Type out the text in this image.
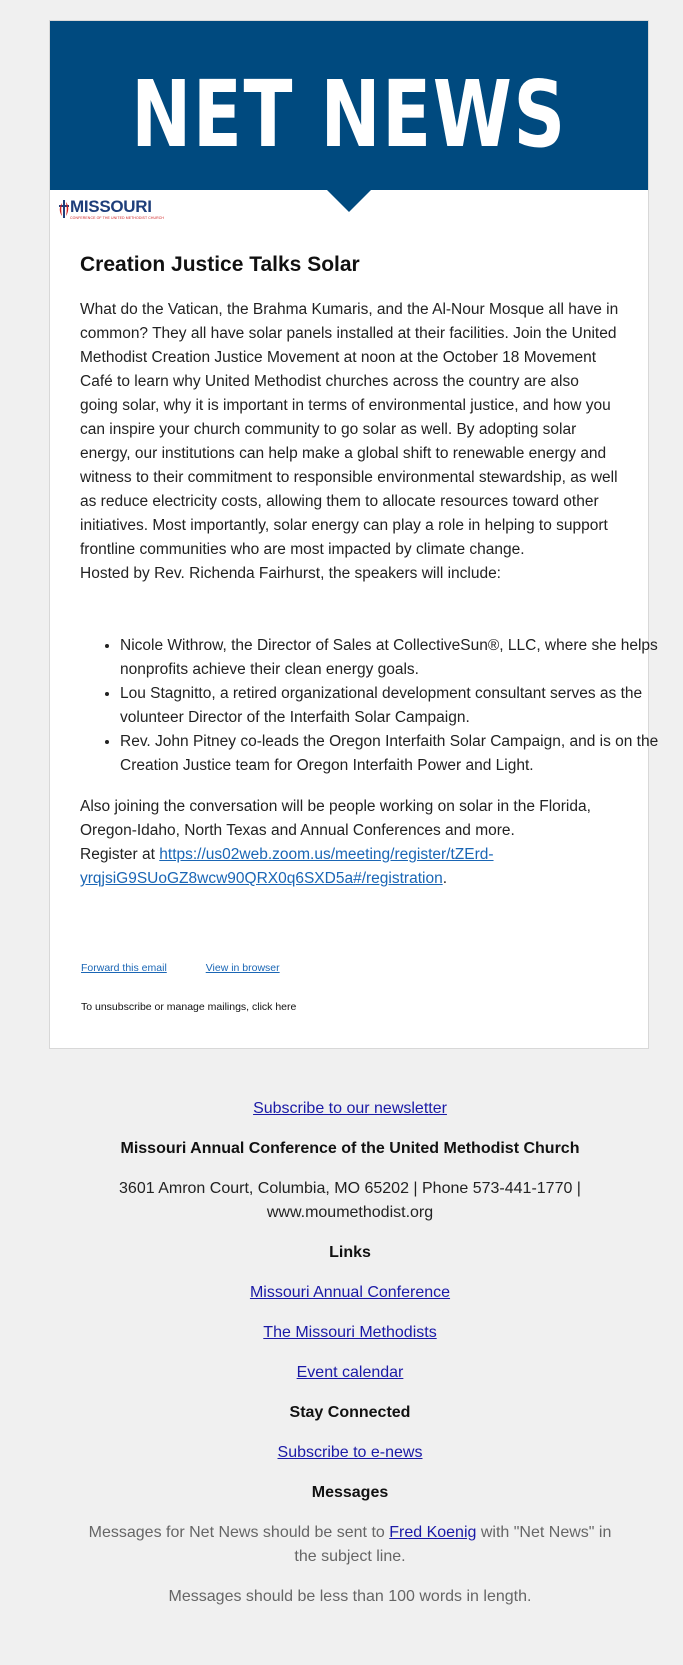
NET NEWS
MISSOURI
CONFERENCE OF THE UNITED METHODIST CHURCH
Creation Justice Talks Solar

What do the Vatican, the Brahma Kumaris, and the Al-Nour Mosque all have in common? They all have solar panels installed at their facilities. Join the United Methodist Creation Justice Movement at noon at the October 18 Movement Café to learn why United Methodist churches across the country are also going solar, why it is important in terms of environmental justice, and how you can inspire your church community to go solar as well. By adopting solar energy, our institutions can help make a global shift to renewable energy and witness to their commitment to responsible environmental stewardship, as well as reduce electricity costs, allowing them to allocate resources toward other initiatives. Most importantly, solar energy can play a role in helping to support frontline communities who are most impacted by climate change.

Hosted by Rev. Richenda Fairhurst, the speakers will include:

• Nicole Withrow, the Director of Sales at CollectiveSun®, LLC, where she helps nonprofits achieve their clean energy goals.
• Lou Stagnitto, a retired organizational development consultant serves as the volunteer Director of the Interfaith Solar Campaign.
• Rev. John Pitney co-leads the Oregon Interfaith Solar Campaign, and is on the Creation Justice team for Oregon Interfaith Power and Light.

Also joining the conversation will be people working on solar in the Florida, Oregon-Idaho, North Texas and Annual Conferences and more.

Register at https://us02web.zoom.us/meeting/register/tZErd-yrqjsiG9SUoGZ8wcw90QRX0q6SXD5a#/registration.

Forward this email	View in browser
To unsubscribe or manage mailings, click here
Subscribe to our newsletter
Missouri Annual Conference of the United Methodist Church
3601 Amron Court, Columbia, MO 65202 | Phone 573-441-1770 |
www.moumethodist.org
Links
Missouri Annual Conference
The Missouri Methodists
Event calendar
Stay Connected
Subscribe to e-news
Messages
Messages for Net News should be sent to Fred Koenig with "Net News" in
the subject line.
Messages should be less than 100 words in length.
